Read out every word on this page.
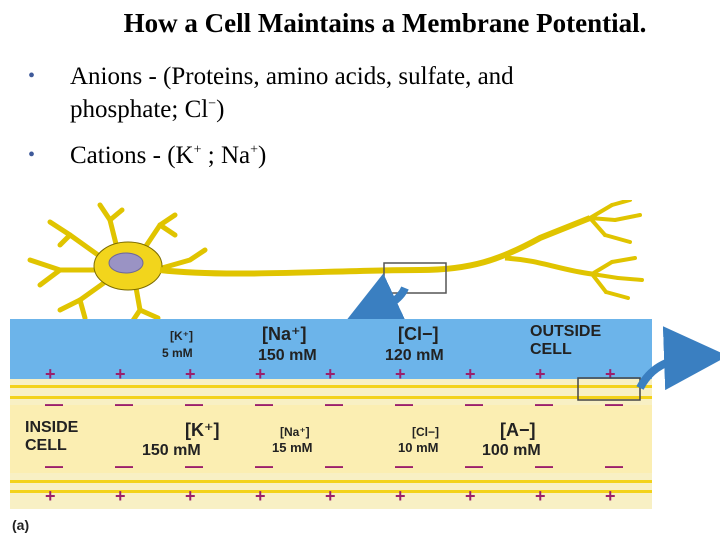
How a Cell Maintains a Membrane Potential.
• Anions - (Proteins, amino acids, sulfate, and
phosphate; Cl−)
• Cations - (K+ ; Na+)
+	+	+	+	+	+	+	+	+
—	—	—	—	—	—	—	—	—
—	—	—	—	—	—	—	—	—
+	+	+	+	+	+	+	+	+
[K⁺]
5 mM
[Na⁺]
150 mM
[Cl−]
120 mM
OUTSIDE
CELL
INSIDE
CELL
[K⁺]
150 mM
[Na⁺]
15 mM
[Cl−]
10 mM
[A−]
100 mM
(a)
